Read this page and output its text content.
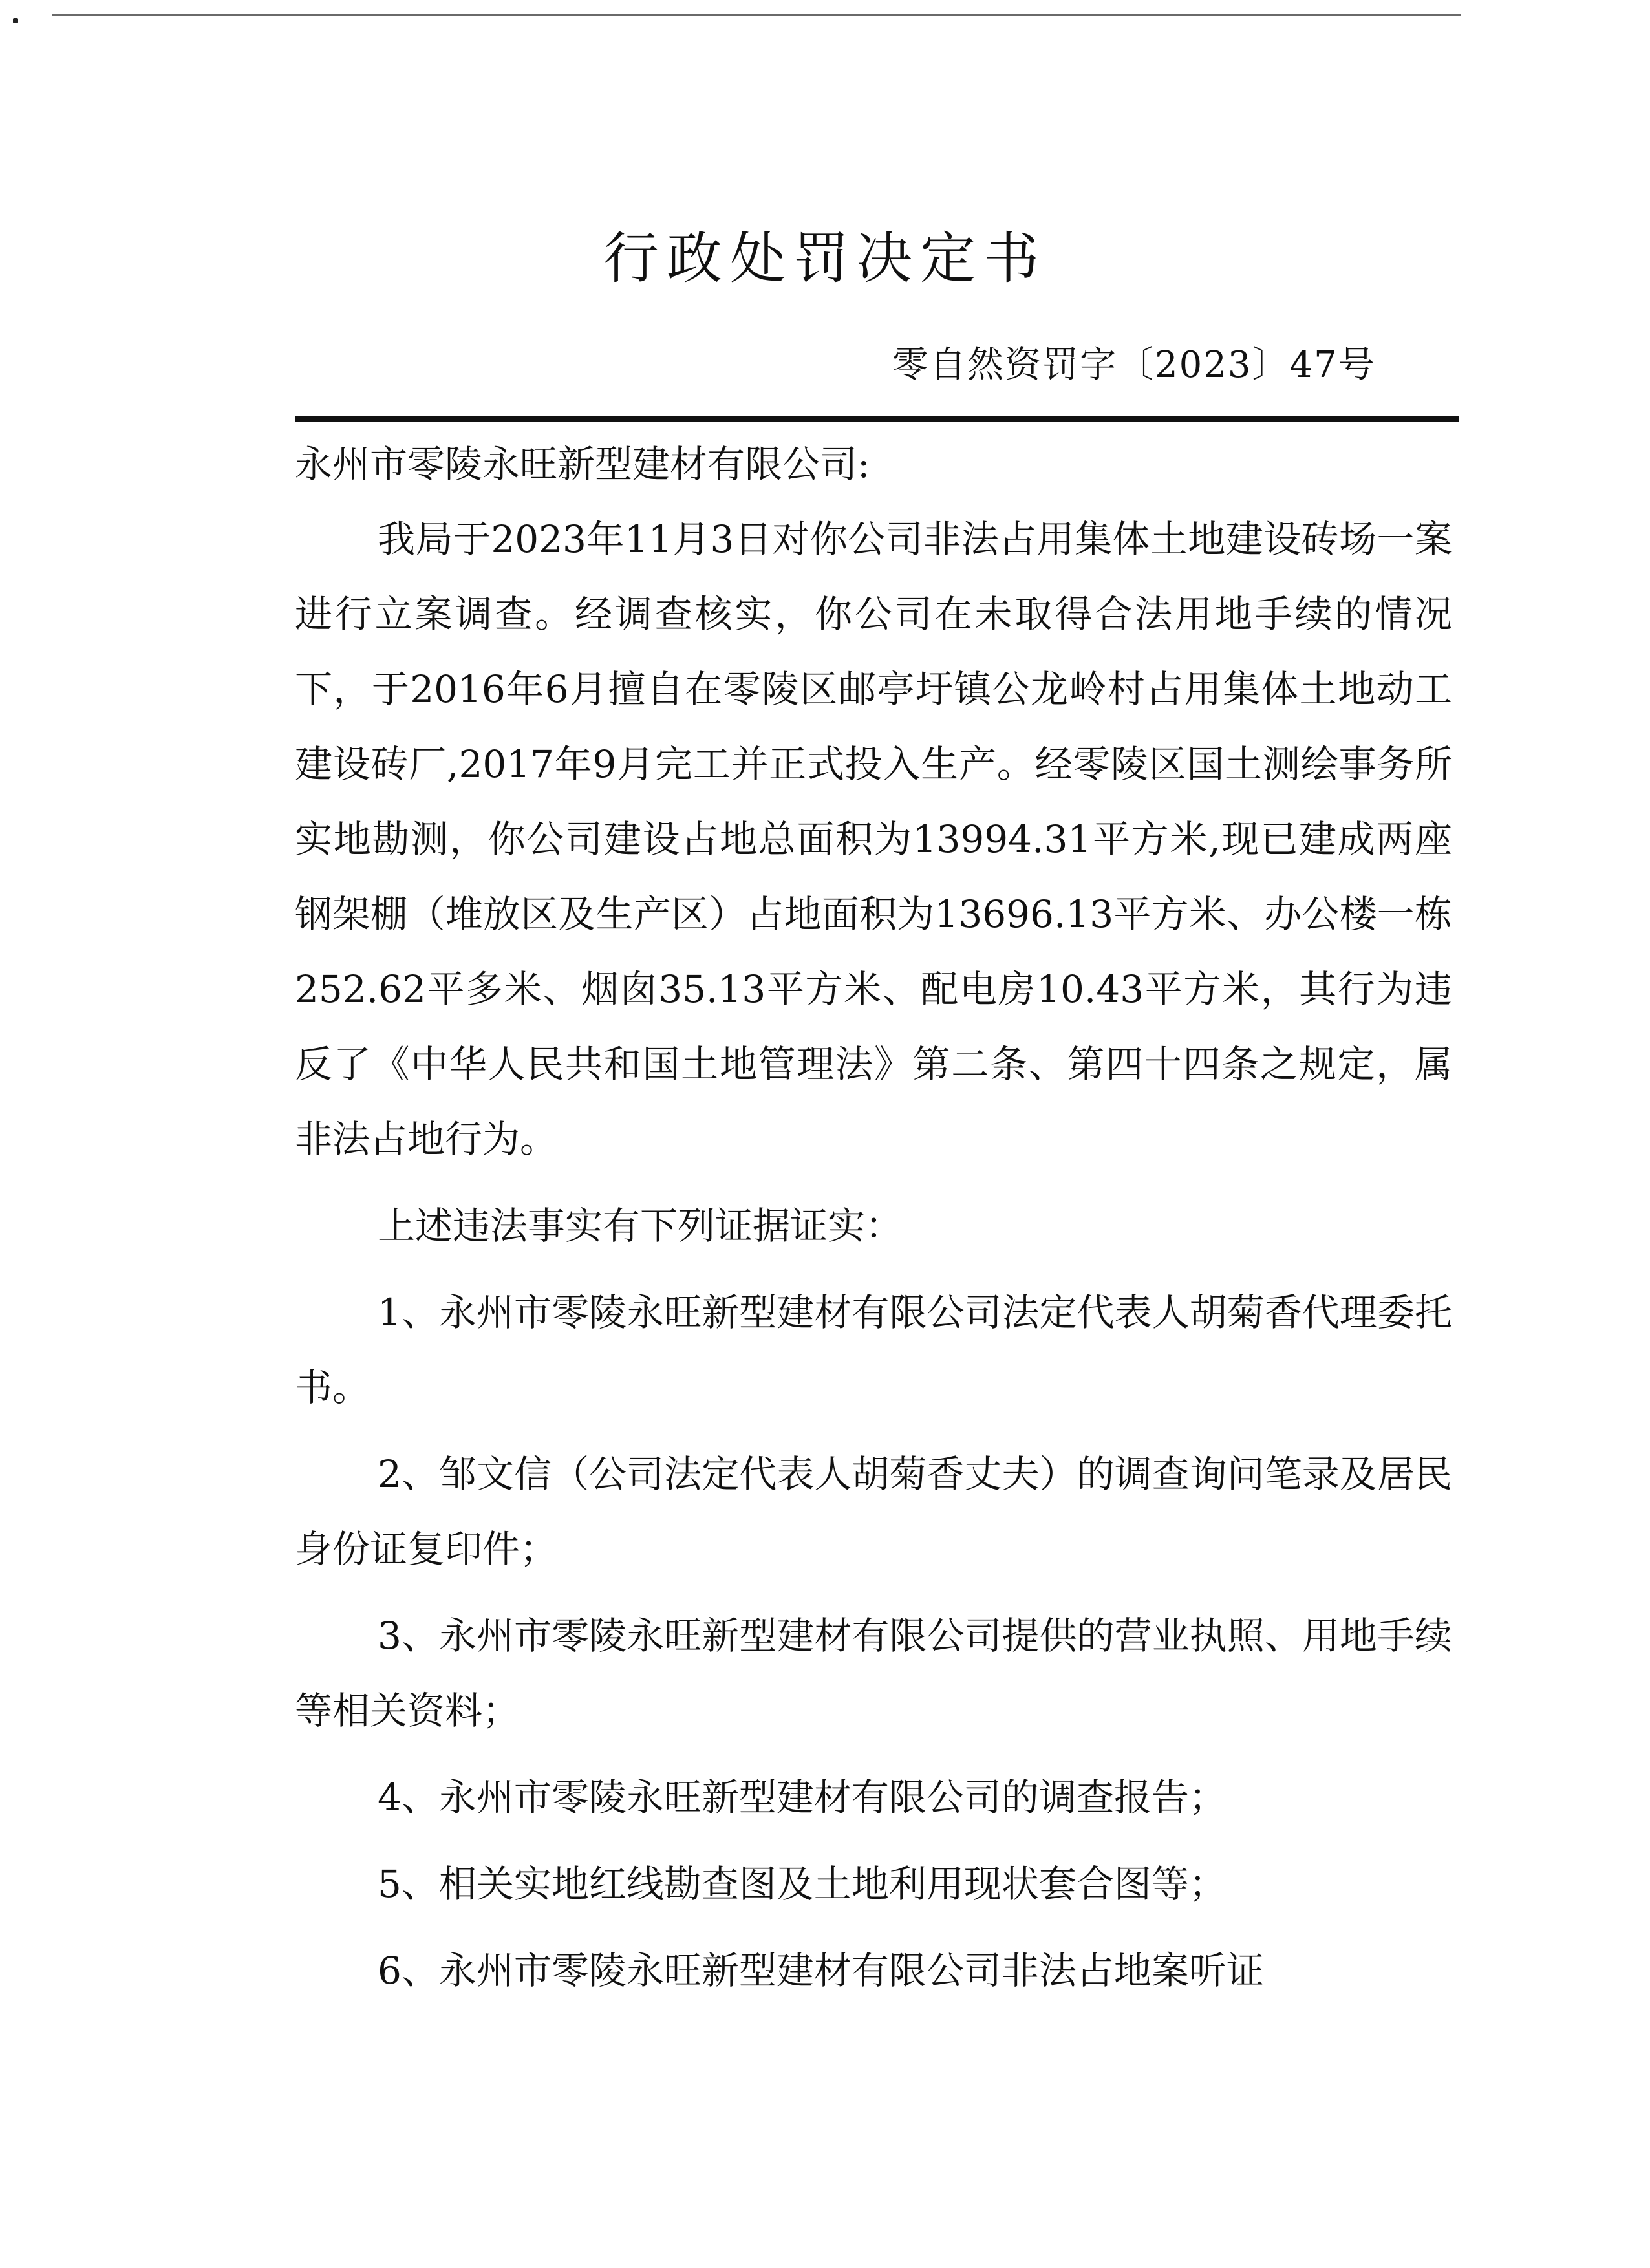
行政处罚决定书
零自然资罚字〔2023〕47号

永州市零陵永旺新型建材有限公司:

我局于2023年11月3日对你公司非法占用集体土地建设砖场一案进行立案调查。经调查核实，你公司在未取得合法用地手续的情况下，于2016年6月擅自在零陵区邮亭圩镇公龙岭村占用集体土地动工建设砖厂,2017年9月完工并正式投入生产。经零陵区国土测绘事务所实地勘测，你公司建设占地总面积为13994.31平方米,现已建成两座钢架棚（堆放区及生产区）占地面积为13696.13平方米、办公楼一栋252.62平多米、烟囱35.13平方米、配电房10.43平方米，其行为违反了《中华人民共和国土地管理法》第二条、第四十四条之规定，属非法占地行为。

上述违法事实有下列证据证实：

1、永州市零陵永旺新型建材有限公司法定代表人胡菊香代理委托书。

2、邹文信（公司法定代表人胡菊香丈夫）的调查询问笔录及居民身份证复印件；

3、永州市零陵永旺新型建材有限公司提供的营业执照、用地手续等相关资料；

4、永州市零陵永旺新型建材有限公司的调查报告；

5、相关实地红线勘查图及土地利用现状套合图等；

6、永州市零陵永旺新型建材有限公司非法占地案听证
